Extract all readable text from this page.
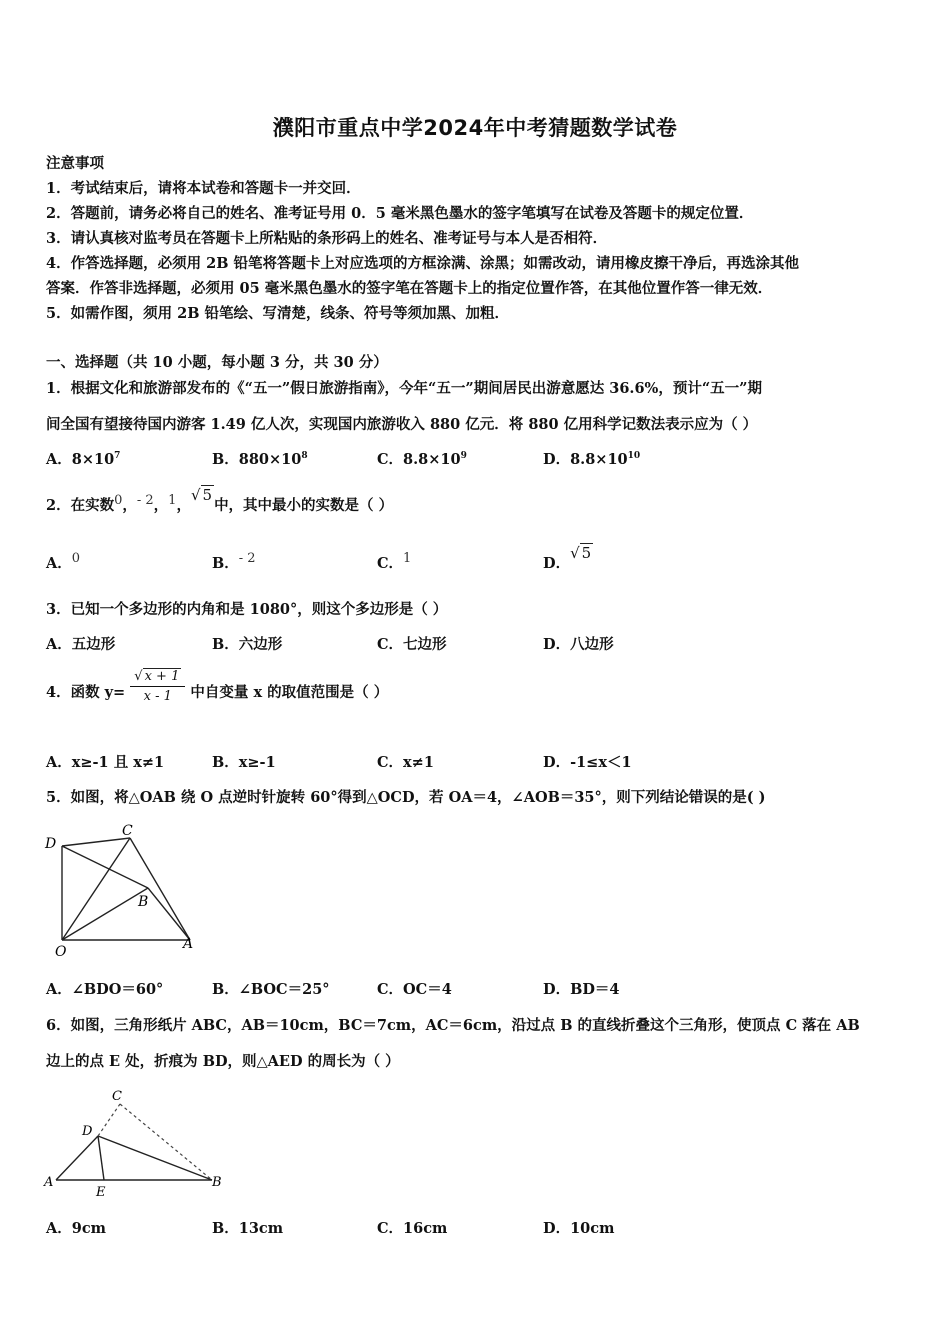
濮阳市重点中学2024年中考猜题数学试卷
注意事项
1．考试结束后，请将本试卷和答题卡一并交回．
2．答题前，请务必将自己的姓名、准考证号用 0．5 毫米黑色墨水的签字笔填写在试卷及答题卡的规定位置．
3．请认真核对监考员在答题卡上所粘贴的条形码上的姓名、准考证号与本人是否相符．
4．作答选择题，必须用 2B 铅笔将答题卡上对应选项的方框涂满、涂黑；如需改动，请用橡皮擦干净后，再选涂其他
答案．作答非选择题，必须用 05 毫米黑色墨水的签字笔在答题卡上的指定位置作答，在其他位置作答一律无效．
5．如需作图，须用 2B 铅笔绘、写清楚，线条、符号等须加黑、加粗．
一、选择题（共 10 小题，每小题 3 分，共 30 分）
1．根据文化和旅游部发布的《“五一”假日旅游指南》，今年“五一”期间居民出游意愿达 36.6%，预计“五一”期
间全国有望接待国内游客 1.49 亿人次，实现国内旅游收入 880 亿元．将 880 亿用科学记数法表示应为（ ）
A．$8\times 10^7$	B．$880\times 10^8$	C．$8.8\times 10^9$	D．$8.8\times 10^{10}$
2．在实数0，- 2，1，√ 5中，其中最小的实数是（ ）
A．0	B．- 2	C．1	D．√ 5
3．已知一个多边形的内角和是 1080°，则这个多边形是（ ）
A．五边形	B．六边形	C．七边形	D．八边形
4．函数 $y= \frac{√ x + 1}{x - 1}$ 中自变量 x 的取值范围是（ ）
A．x≥-1 且 x≠1	B．x≥-1	C．x≠1	D．-1≤x＜1
5．如图，将△OAB 绕 O 点逆时针旋转 60°得到△OCD，若 OA＝4，∠AOB＝35°，则下列结论错误的是( )
D
C
B
O	A
A．∠BDO＝60°	B．∠BOC＝25°	C．OC＝4	D．BD＝4
6．如图，三角形纸片 ABC，AB＝10cm，BC＝7cm，AC＝6cm，沿过点 B 的直线折叠这个三角形，使顶点 C 落在 AB
边上的点 E 处，折痕为 BD，则△AED 的周长为（ ）
C
D
A
E
B
A．9cm	B．13cm	C．16cm	D．10cm
